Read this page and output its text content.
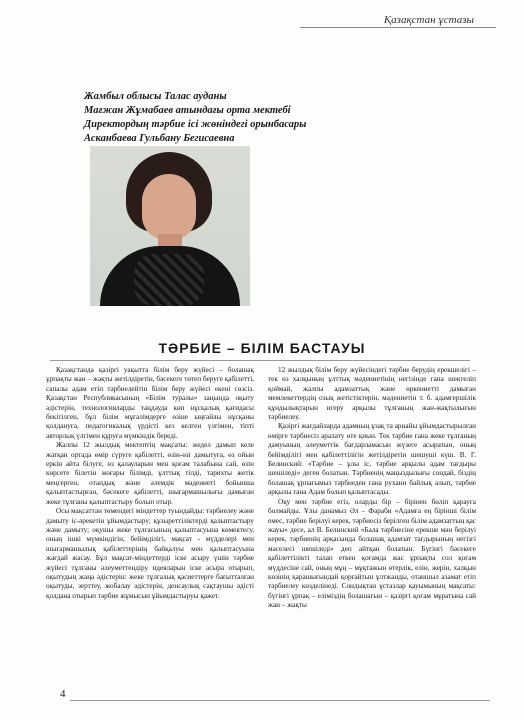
Қазақстан ұстазы
Жамбыл облысы Талас ауданы
Мағжан Жұмабаев атындағы орта мектебі
Директордың тәрбие ісі жөніндегі орынбасары
Асканбаева Гульбану Бегисаевна
ТӘРБИЕ – БІЛІМ БАСТАУЫ

Қазақстанда қазіргі уақытта білім беру жүйесі – болашақ ұрпақты жан – жақты жетілдіретін, бәсекеге төтеп беруге қабілетті, сапалы адам етіп тәрбиелейтін білім беру жүйесі екені сөзсіз. Қазақстан Республикасының «Білім туралы» заңында оқыту әдістерін, технологияларды таңдауда көп нұсқалық қағидасы бекітілген, бұл білім мұғалімдерге өзіне ыңғайлы нұсқаны қолдануға, педагогикалық үрдісті кез келген үлгімен, тіпті авторлық үлгімен құруға мүмкіндік береді.

Жалпы 12 жылдық мектептің мақсаты: жедел дамып келе жатқан ортада өмір сүруге қабілетті, өзін-өзі дамытуға, өз ойын еркін айта білуге, өз қалауларын мен қоғам талабына сай, өзін көрсете білетін жоғары білімді, ұлттық тілді, тарихты жетік меңгерген, отандық және әлемдік мәдениеті бойынша қалыптастырған, бәсекеге қабілетті, шығармашылығы дамыған жеке тұлғаны қалыптастыру болып отыр.

Осы мақсаттан төмендегі міндеттер туындайды: тәрбиелеу және дамыту іс-әрекетін ұйымдастыру; құзыреттіліктерді қалыптастыру және дамыту; оқушы жеке тұлғасының қалыптасуына көмектесу, оның ішкі мүмкіндігін, бейімділігі, мақсат - мүдделері мен шығармашылық қабілеттерінің байқалуы мен қалыптасуына жағдай жасау. Бұл мақсат-міндеттерді іске асыру үшін тәрбие жүйесі тұлғаны әлеуметтендіру идеяларын іске асыра отырып, оқытудың жаңа әдістерін: жеке тұлғалық қасиеттерге бағытталған оқытуды, зерттеу, жобалау әдістерін, денсаулық сақтаушы әдісті қолдана отырып тәрбие жұмысын ұйымдастыруы қажет.

12 жылдық білім беру жүйесіндегі тәрбие берудің ерекшелігі – тек өз халқының ұлттық мәдениетінің негізінде ғана шектеліп қоймай, жалпы адамзаттық және өркениетті дамыған мемлекеттердің озық жетістіктерін, мәдениетін т. б. адамгершілік құндылықтарын игеру арқылы тұлғаның жан-жақтылығын тәрбиелеу.

Қазіргі жағдайларда адамның ұзақ та арнайы ұйымдастырылған өмірге тәрбиесіз аралату өте қиын. Тек тәрбие ғана жеке тұлғаның дамуының әлеуметтік бағдарламасын жүзеге асыратын, оның бейімділігі мен қабілеттілігін жетілдіретін шешуші күш. В. Г. Белинский: «Тәрбие – ұлы іс, тәрбие арқылы адам тағдыры шешіледі» деген болатын. Тәрбиенің маңыздылығы сондай, біздің болашақ ұрпағымыз тәрбиеден ғана рухани байлық алып, тәрбие арқылы ғана Адам болып қалыптасады.

Оқу мен тәрбие егіз, оларды бір – бірінен бөліп қарауға болмайды. Ұлы данамыз Әл – Фараби «Адамға ең бірінші білім емес, тәрбие берілуі керек, тәрбиесіз берілген білім адамзаттың қас жауы» десе, ал В. Белинский «Бала тәрбиесіне ерекше мән берілуі керек, тәрбиенің арқасында болашақ адамзат тағдырының негізгі мәселесі шешіледі» деп айтқан болатын. Бүгінгі бәсекеге қабілеттілікті талап еткен қоғамда жас ұрпақты сол қоғам мүддесіне сай, оның мұң – мұқтажын өтерлік, елін, жерін, халқын көзінің қарашығындай қорғайтын ұлтжанды, отаншыл азамат етіп тәрбиелеу көзделінеді. Сондықтан ұстазлар қауымының мақсаты: бүгінгі ұрпақ – еліміздің болашағын – қазіргі қоғам мұратына сай жан – жақты

4
